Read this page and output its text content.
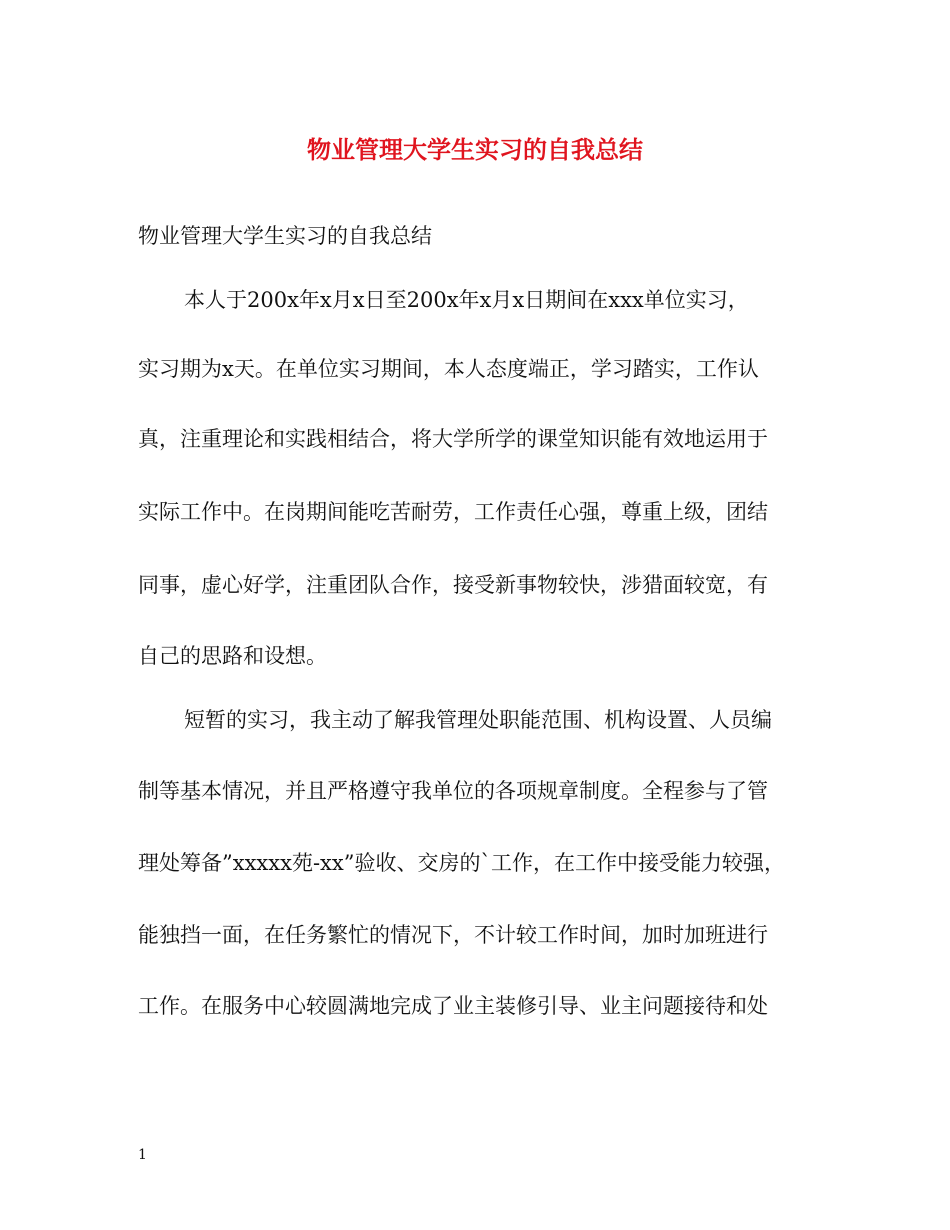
物业管理大学生实习的自我总结
物业管理大学生实习的自我总结
本人于200x年x月x日至200x年x月x日期间在xxx单位实习，
实习期为x天。在单位实习期间，本人态度端正，学习踏实，工作认
真，注重理论和实践相结合，将大学所学的课堂知识能有效地运用于
实际工作中。在岗期间能吃苦耐劳，工作责任心强，尊重上级，团结
同事，虚心好学，注重团队合作，接受新事物较快，涉猎面较宽，有
自己的思路和设想。
短暂的实习，我主动了解我管理处职能范围、机构设置、人员编
制等基本情况，并且严格遵守我单位的各项规章制度。全程参与了管
理处筹备”xxxxx苑-xx”验收、交房的`工作，在工作中接受能力较强，
能独挡一面，在任务繁忙的情况下，不计较工作时间，加时加班进行
工作。在服务中心较圆满地完成了业主装修引导、业主问题接待和处
1
